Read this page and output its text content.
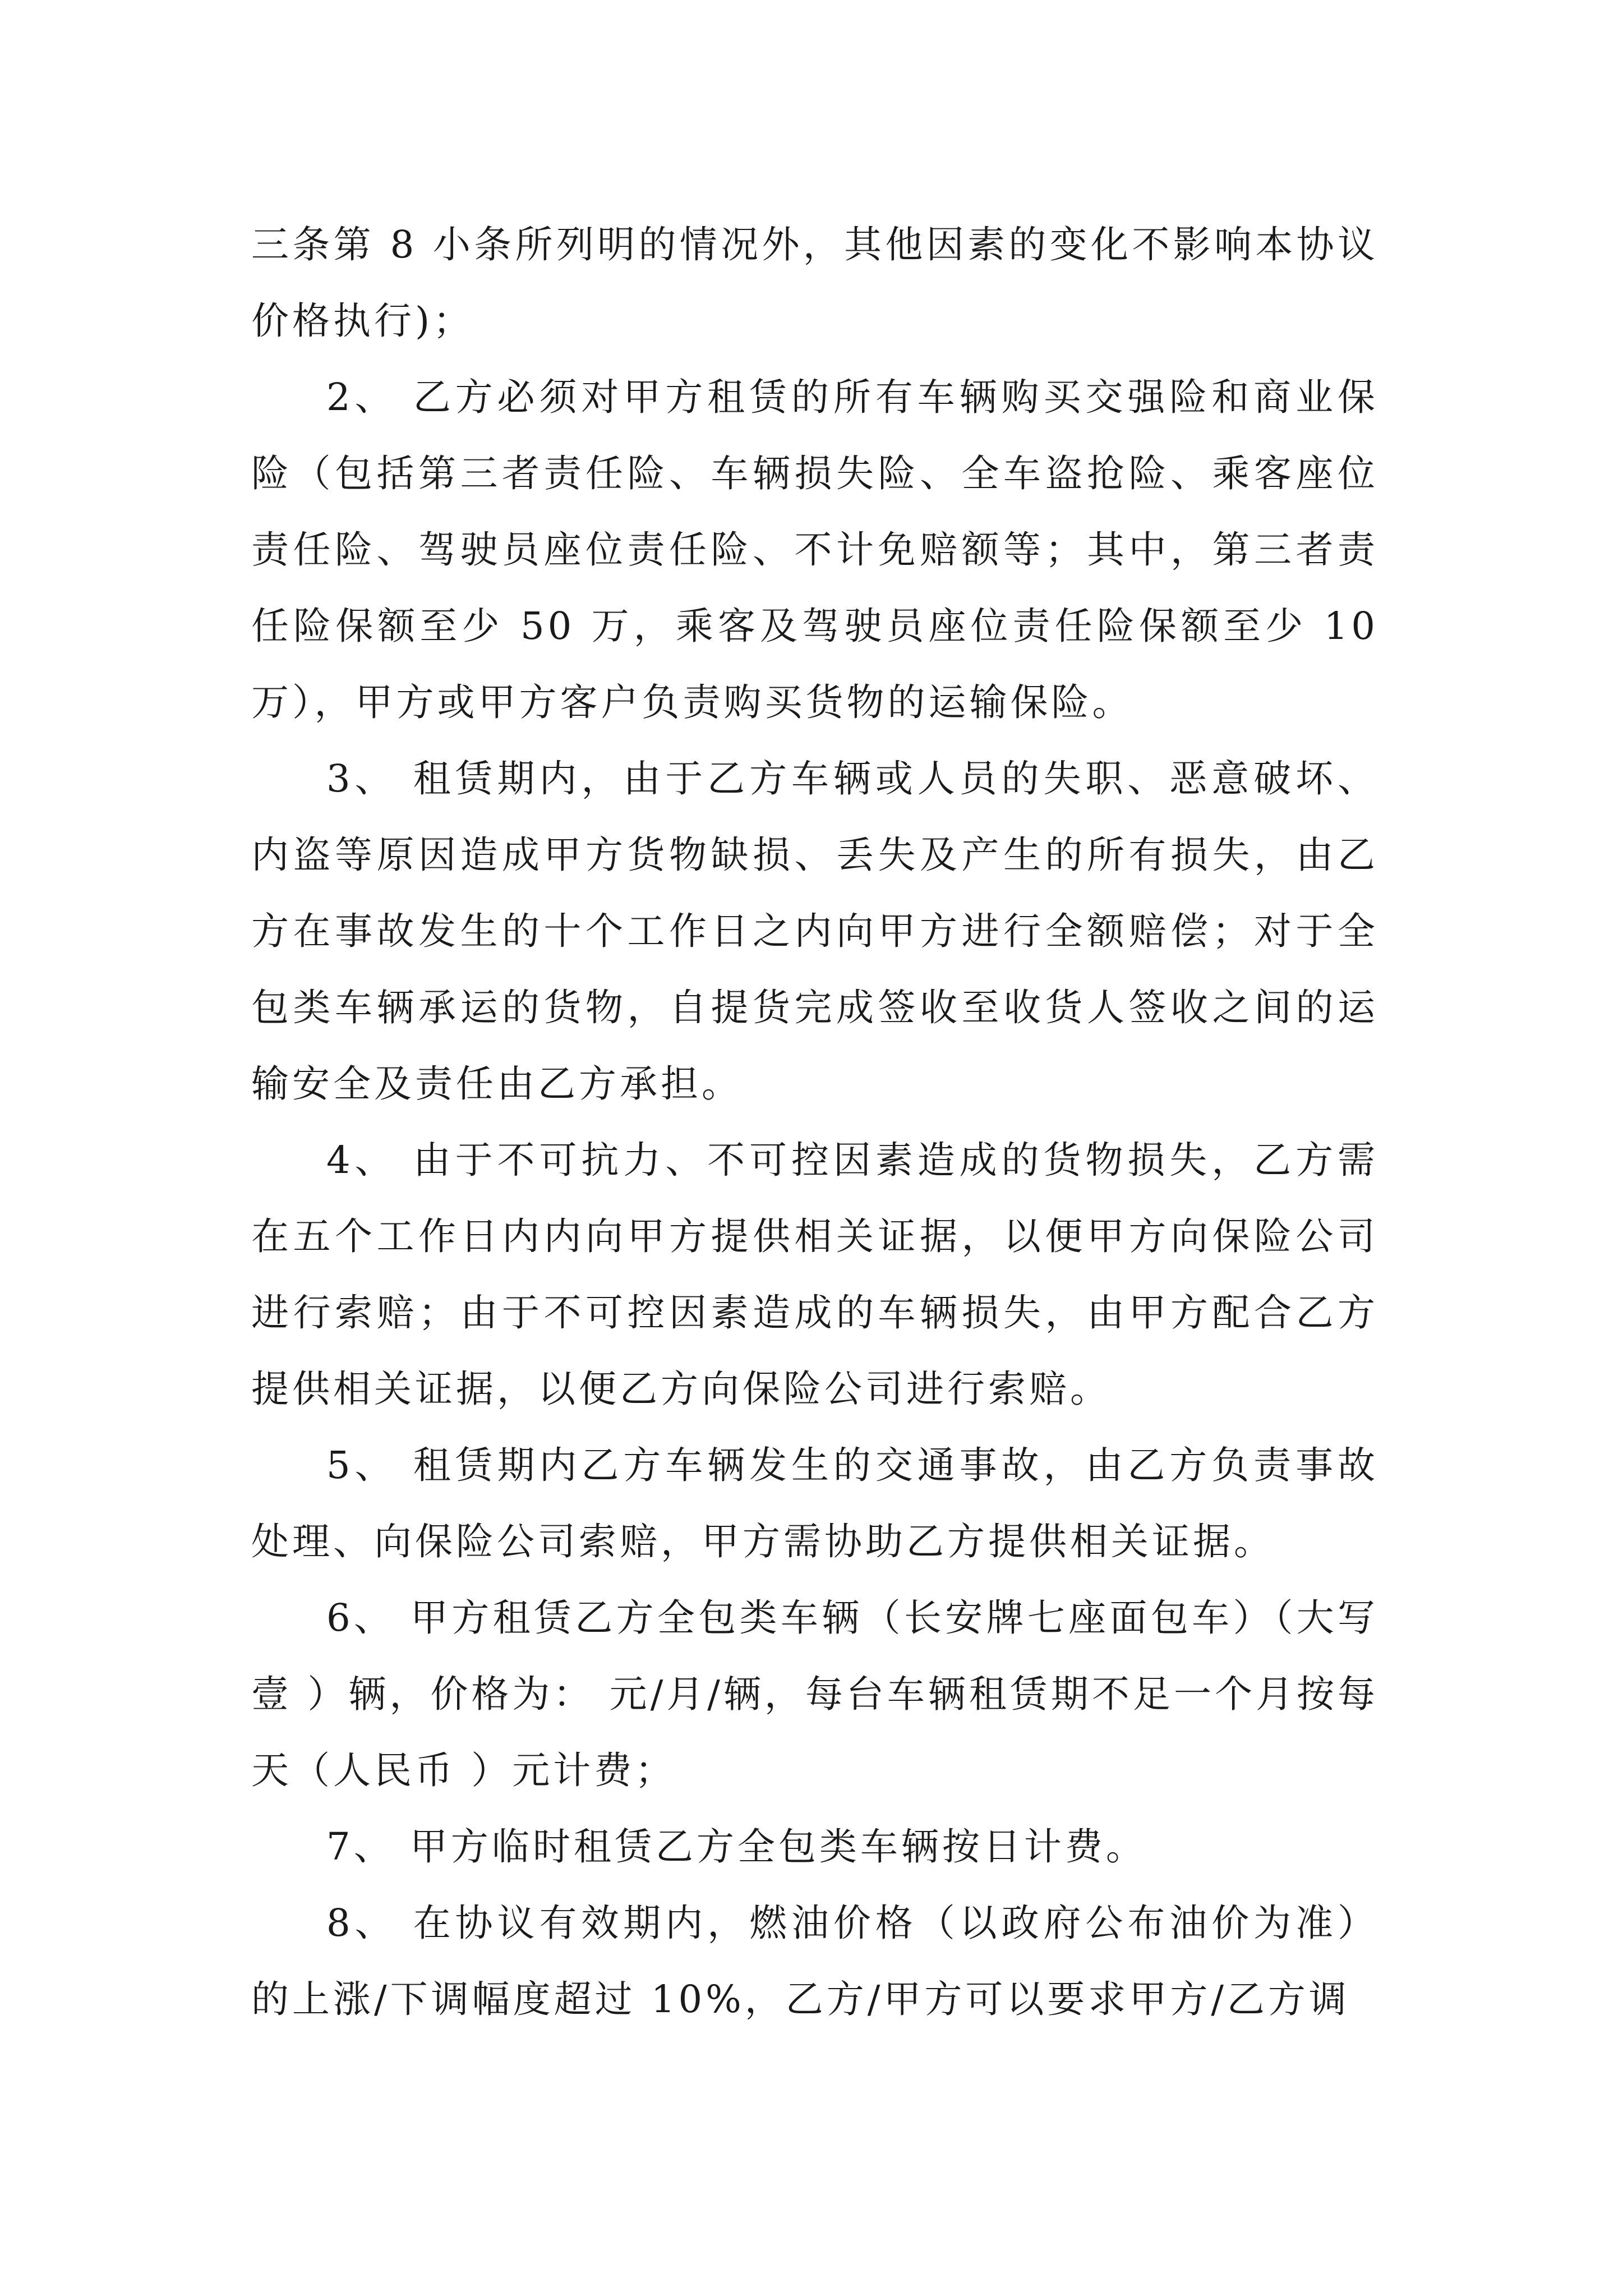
三条第 8 小条所列明的情况外，其他因素的变化不影响本协议价格执行)；

2、 乙方必须对甲方租赁的所有车辆购买交强险和商业保险（包括第三者责任险、车辆损失险、全车盗抢险、乘客座位责任险、驾驶员座位责任险、不计免赔额等；其中，第三者责任险保额至少 50 万，乘客及驾驶员座位责任险保额至少 10 万），甲方或甲方客户负责购买货物的运输保险。

3、 租赁期内，由于乙方车辆或人员的失职、恶意破坏、内盗等原因造成甲方货物缺损、丢失及产生的所有损失，由乙方在事故发生的十个工作日之内向甲方进行全额赔偿；对于全包类车辆承运的货物，自提货完成签收至收货人签收之间的运输安全及责任由乙方承担。

4、 由于不可抗力、不可控因素造成的货物损失，乙方需在五个工作日内内向甲方提供相关证据，以便甲方向保险公司进行索赔；由于不可控因素造成的车辆损失，由甲方配合乙方提供相关证据，以便乙方向保险公司进行索赔。

5、 租赁期内乙方车辆发生的交通事故，由乙方负责事故处理、向保险公司索赔，甲方需协助乙方提供相关证据。

6、 甲方租赁乙方全包类车辆（长安牌七座面包车）（大写 壹 ）辆，价格为： 元/月/辆，每台车辆租赁期不足一个月按每天（人民币 ）元计费；

7、 甲方临时租赁乙方全包类车辆按日计费。

8、 在协议有效期内，燃油价格（以政府公布油价为准）的上涨/下调幅度超过 10%，乙方/甲方可以要求甲方/乙方调
